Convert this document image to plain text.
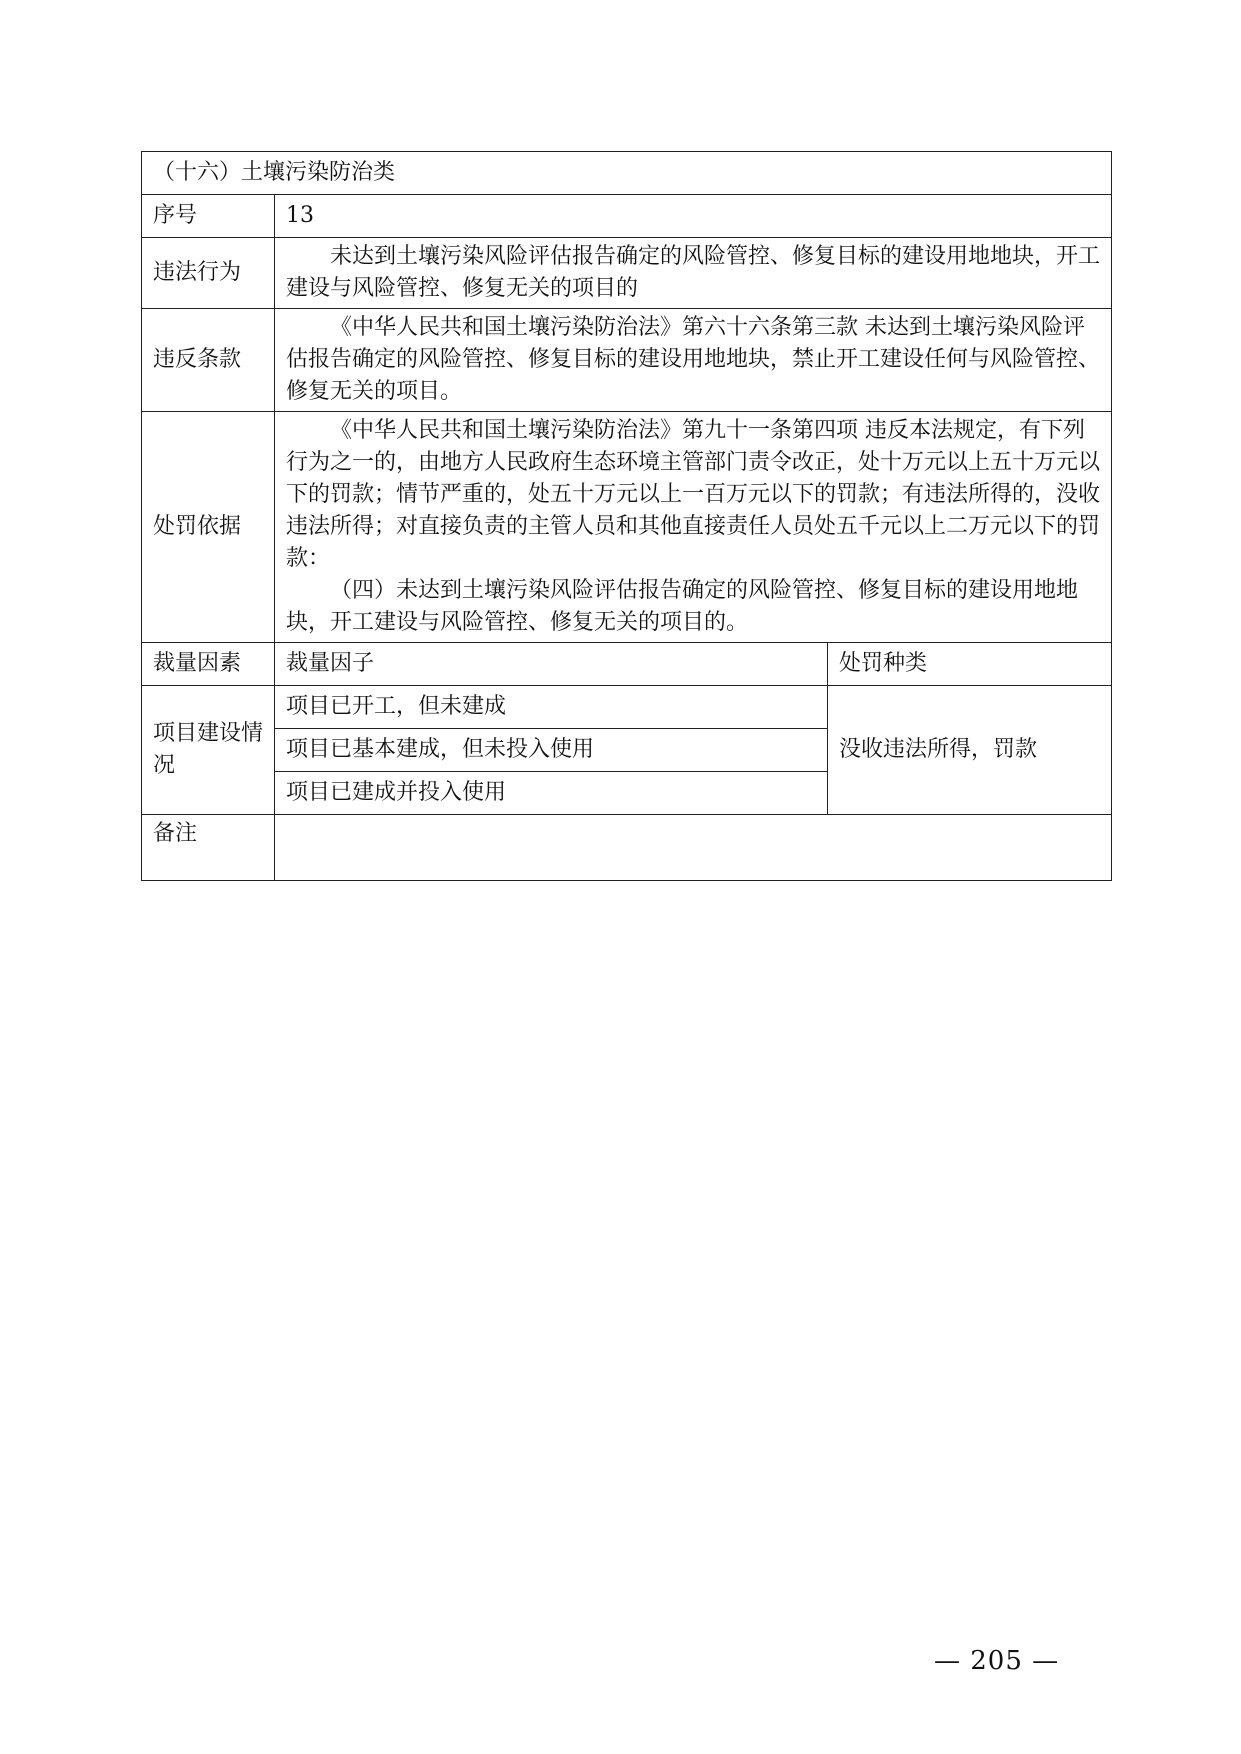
（十六）土壤污染防治类		
序号	13	
违法行为	未达到土壤污染风险评估报告确定的风险管控、修复目标的建设用地地块，开工建设与风险管控、修复无关的项目的	
违反条款	《中华人民共和国土壤污染防治法》第六十六条第三款 未达到土壤污染风险评估报告确定的风险管控、修复目标的建设用地地块，禁止开工建设任何与风险管控、修复无关的项目。	
处罚依据	《中华人民共和国土壤污染防治法》第九十一条第四项 违反本法规定，有下列行为之一的，由地方人民政府生态环境主管部门责令改正，处十万元以上五十万元以下的罚款；情节严重的，处五十万元以上一百万元以下的罚款；有违法所得的，没收违法所得；对直接负责的主管人员和其他直接责任人员处五千元以上二万元以下的罚款：

（四）未达到土壤污染风险评估报告确定的风险管控、修复目标的建设用地地块，开工建设与风险管控、修复无关的项目的。	

裁量因素	裁量因子	处罚种类
项目建设情况	项目已开工，但未建成	没收违法所得，罚款
	项目已基本建成，但未投入使用	
	项目已建成并投入使用	
备注		
— 205 —
